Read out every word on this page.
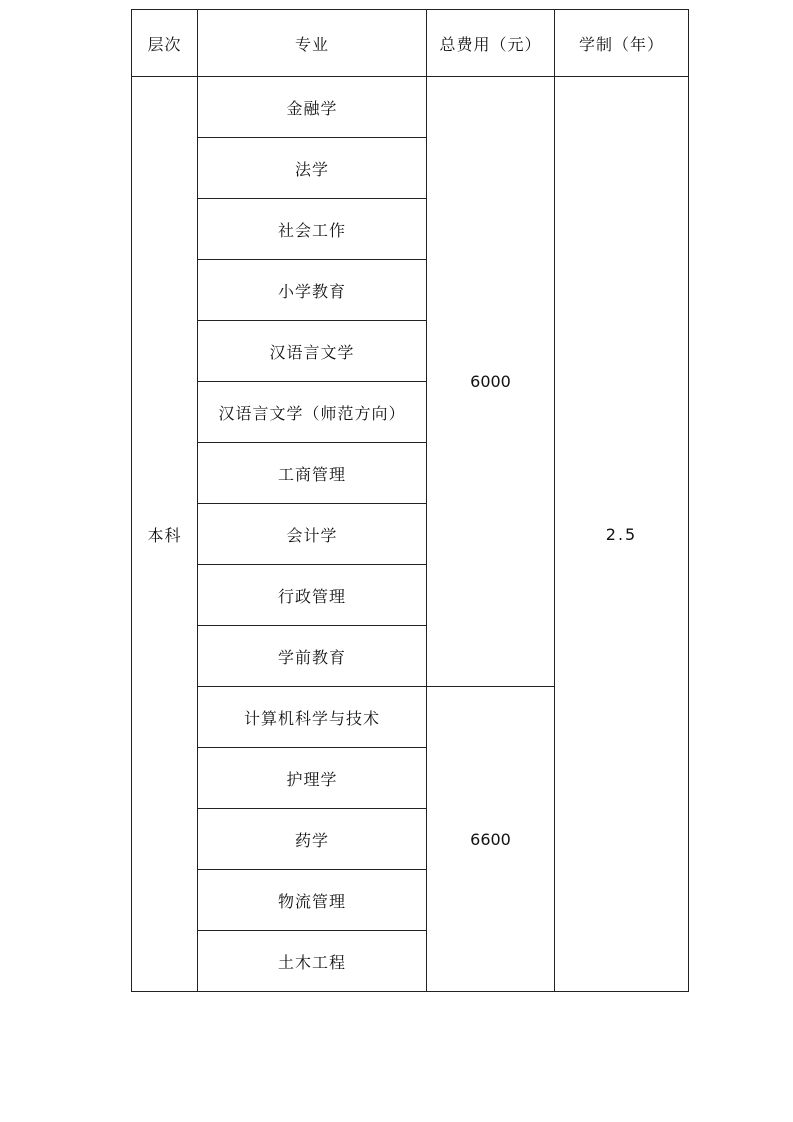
层次	专业	总费用（元）	学制（年）
本科	金融学	6000	2.5
	法学		
	社会工作		
	小学教育		
	汉语言文学		
	汉语言文学（师范方向）		
	工商管理		
	会计学		
	行政管理		
	学前教育		
	计算机科学与技术	6600	
	护理学		
	药学		
	物流管理		
	土木工程		
